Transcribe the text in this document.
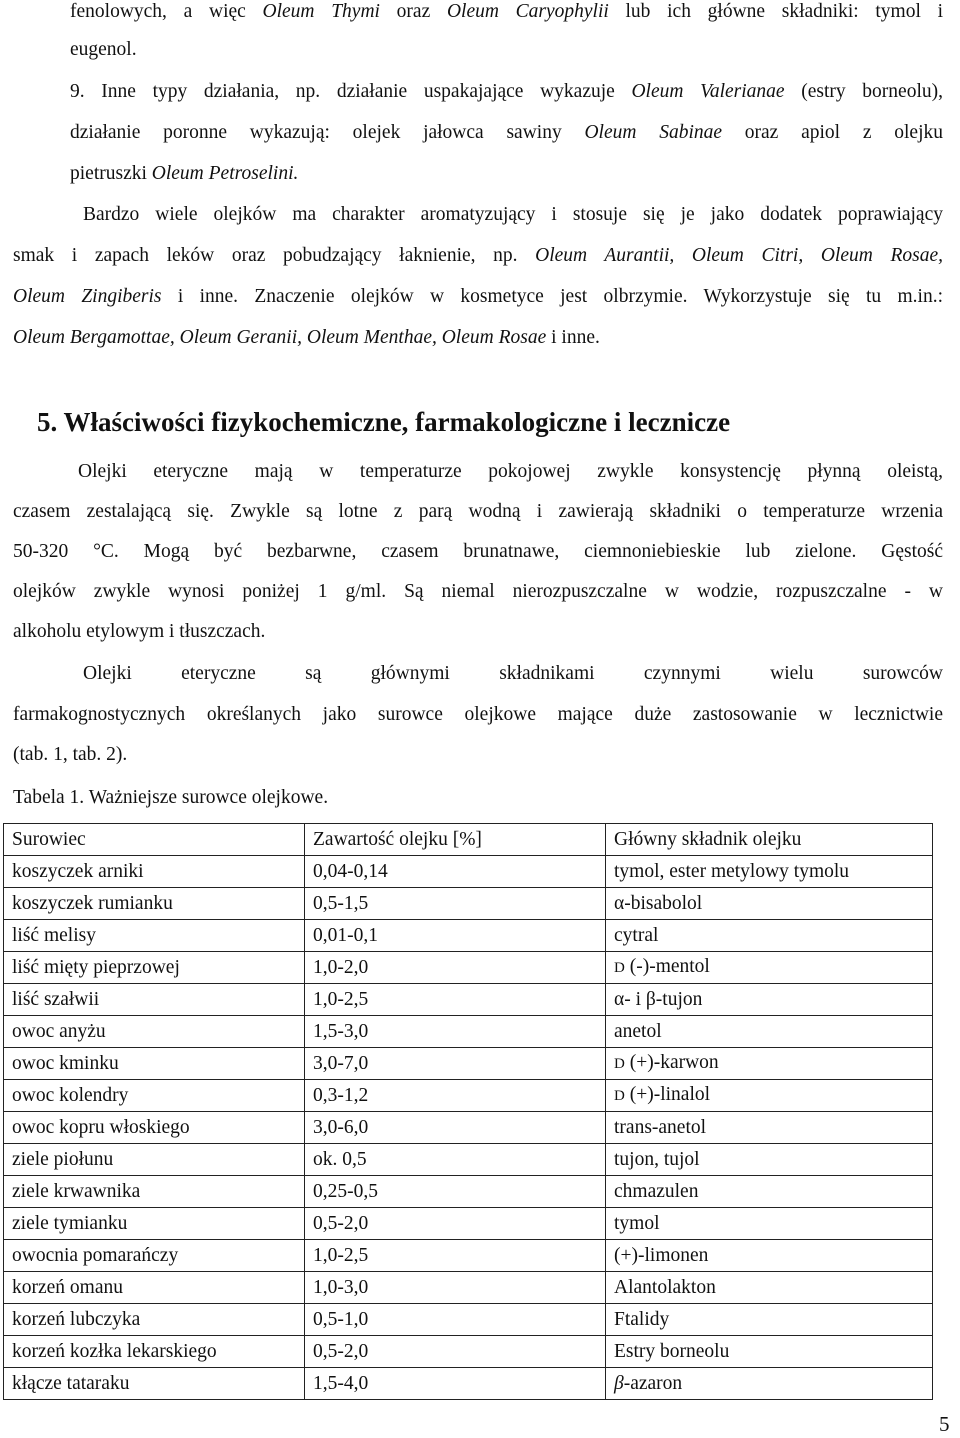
fenolowych, a więc Oleum Thymi oraz Oleum Caryophylii lub ich główne składniki: tymol i
eugenol.
9. Inne typy działania, np. działanie uspakajające wykazuje Oleum Valerianae (estry borneolu),
działanie poronne wykazują: olejek jałowca sawiny Oleum Sabinae oraz apiol z olejku
pietruszki Oleum Petroselini.
Bardzo wiele olejków ma charakter aromatyzujący i stosuje się je jako dodatek poprawiający
smak i zapach leków oraz pobudzający łaknienie, np. Oleum Aurantii, Oleum Citri, Oleum Rosae,
Oleum Zingiberis i inne. Znaczenie olejków w kosmetyce jest olbrzymie. Wykorzystuje się tu m.in.:
Oleum Bergamottae, Oleum Geranii, Oleum Menthae, Oleum Rosae i inne.
5. Właściwości fizykochemiczne, farmakologiczne i lecznicze
Olejki eteryczne mają w temperaturze pokojowej zwykle konsystencję płynną oleistą,
czasem zestalającą się. Zwykle są lotne z parą wodną i zawierają składniki o temperaturze wrzenia
50-320 °C. Mogą być bezbarwne, czasem brunatnawe, ciemnoniebieskie lub zielone. Gęstość
olejków zwykle wynosi poniżej 1 g/ml. Są niemal nierozpuszczalne w wodzie, rozpuszczalne - w
alkoholu etylowym i tłuszczach.
Olejki eteryczne są głównymi składnikami czynnymi wielu surowców
farmakognostycznych określanych jako surowce olejkowe mające duże zastosowanie w lecznictwie
(tab. 1, tab. 2).
Tabela 1. Ważniejsze surowce olejkowe.
Surowiec	Zawartość olejku [%]	Główny składnik olejku
koszyczek arniki	0,04-0,14	tymol, ester metylowy tymolu
koszyczek rumianku	0,5-1,5	α-bisabolol
liść melisy	0,01-0,1	cytral
liść mięty pieprzowej	1,0-2,0	D (-)-mentol
liść szałwii	1,0-2,5	α- i β-tujon
owoc anyżu	1,5-3,0	anetol
owoc kminku	3,0-7,0	D (+)-karwon
owoc kolendry	0,3-1,2	D (+)-linalol
owoc kopru włoskiego	3,0-6,0	trans-anetol
ziele piołunu	ok. 0,5	tujon, tujol
ziele krwawnika	0,25-0,5	chmazulen
ziele tymianku	0,5-2,0	tymol
owocnia pomarańczy	1,0-2,5	(+)-limonen
korzeń omanu	1,0-3,0	Alantolakton
korzeń lubczyka	0,5-1,0	Ftalidy
korzeń kozłka lekarskiego	0,5-2,0	Estry borneolu
kłącze tataraku	1,5-4,0	β-azaron
5
